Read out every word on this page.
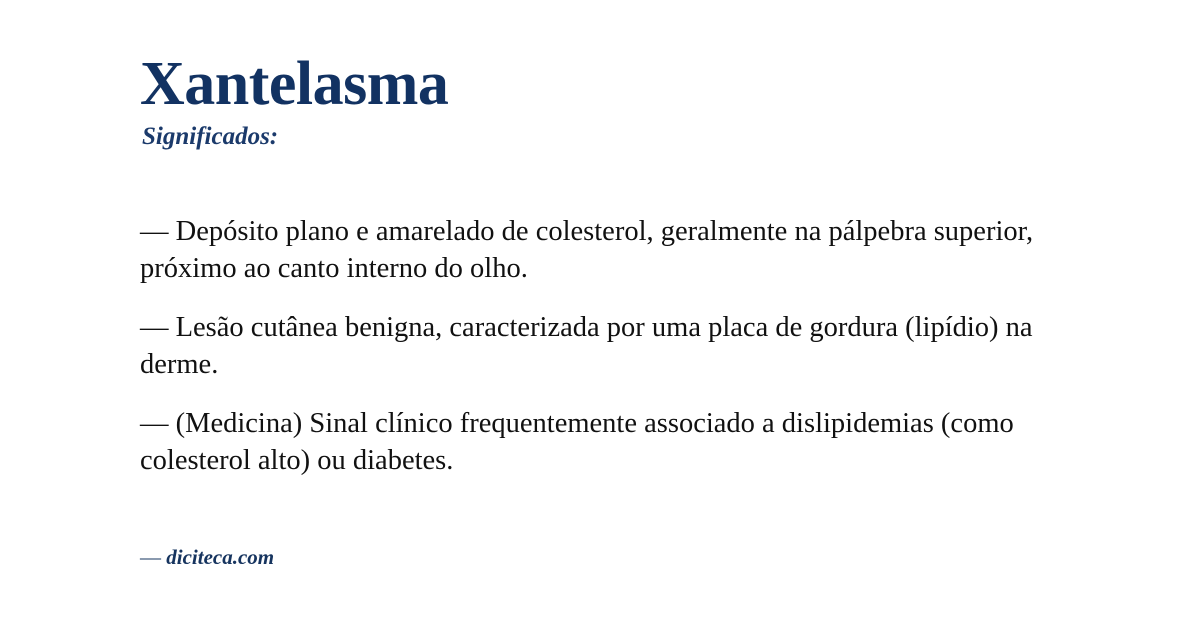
Xantelasma
Significados:

— Depósito plano e amarelado de colesterol, geralmente na pálpebra superior, próximo ao canto interno do olho.

— Lesão cutânea benigna, caracterizada por uma placa de gordura (lipídio) na derme.

— (Medicina) Sinal clínico frequentemente associado a dislipidemias (como colesterol alto) ou diabetes.

— diciteca.com
